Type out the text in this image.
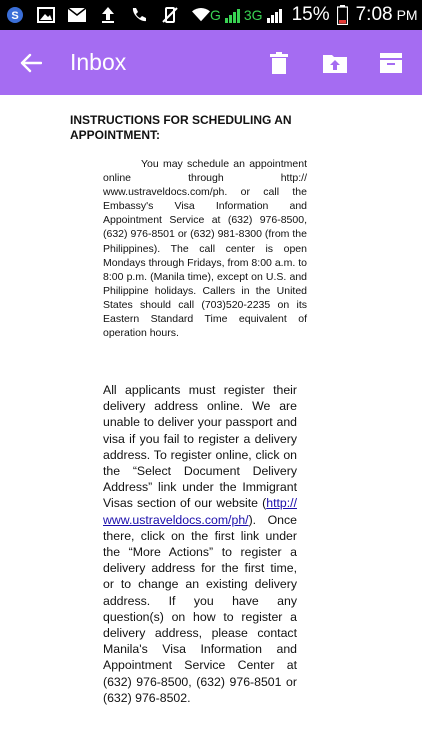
S	G 3G 15% 7:08 PM
Inbox
INSTRUCTIONS FOR SCHEDULING AN APPOINTMENT:

You may schedule an appointment online through http:// www.ustraveldocs.com/ph. or call the Embassy's Visa Information and Appointment Service at (632) 976-8500, (632) 976-8501 or (632) 981-8300 (from the Philippines). The call center is open Mondays through Fridays, from 8:00 a.m. to 8:00 p.m. (Manila time), except on U.S. and Philippine holidays. Callers in the United States should call (703)520-2235 on its Eastern Standard Time equivalent of operation hours.

All applicants must register their delivery address online. We are unable to deliver your passport and visa if you fail to register a delivery address. To register online, click on the “Select Document Delivery Address” link under the Immigrant Visas section of our website (http:// www.ustraveldocs.com/ph/). Once there, click on the first link under the “More Actions” to register a delivery address for the first time, or to change an existing delivery address. If you have any question(s) on how to register a delivery address, please contact Manila's Visa Information and Appointment Service Center at (632) 976-8500, (632) 976-8501 or (632) 976-8502.
